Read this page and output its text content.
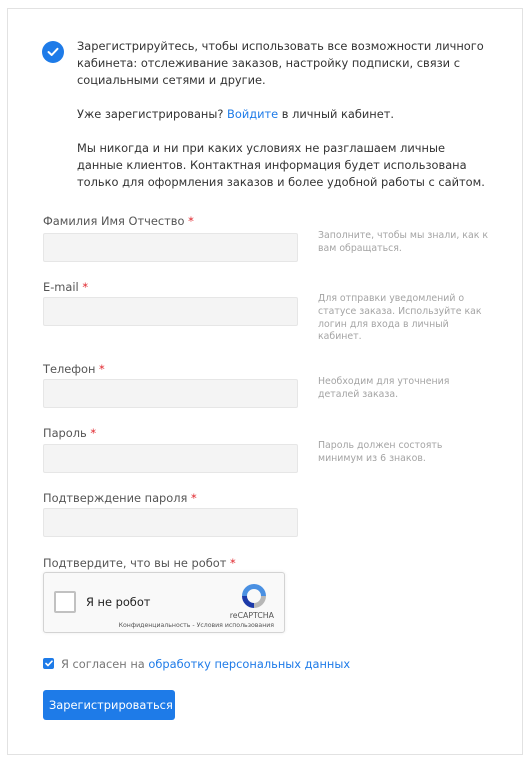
Зарегистрируйтесь, чтобы использовать все возможности личного кабинета: отслеживание заказов, настройку подписки, связи с социальными сетями и другие.

Уже зарегистрированы? Войдите в личный кабинет.

Мы никогда и ни при каких условиях не разглашаем личные данные клиентов. Контактная информация будет использована только для оформления заказов и более удобной работы с сайтом.

Фамилия Имя Отчество *
Заполните, чтобы мы знали, как к вам обращаться.
E-mail *
Для отправки уведомлений о статусе заказа. Используйте как логин для входа в личный кабинет.
Телефон *
Необходим для уточнения деталей заказа.
Пароль *
Пароль должен состоять минимум из 6 знаков.
Подтверждение пароля *
Подтвердите, что вы не робот *
Я не робот
reCAPTCHA
Конфиденциальность - Условия использования
Я согласен на обработку персональных данных
Зарегистрироваться
